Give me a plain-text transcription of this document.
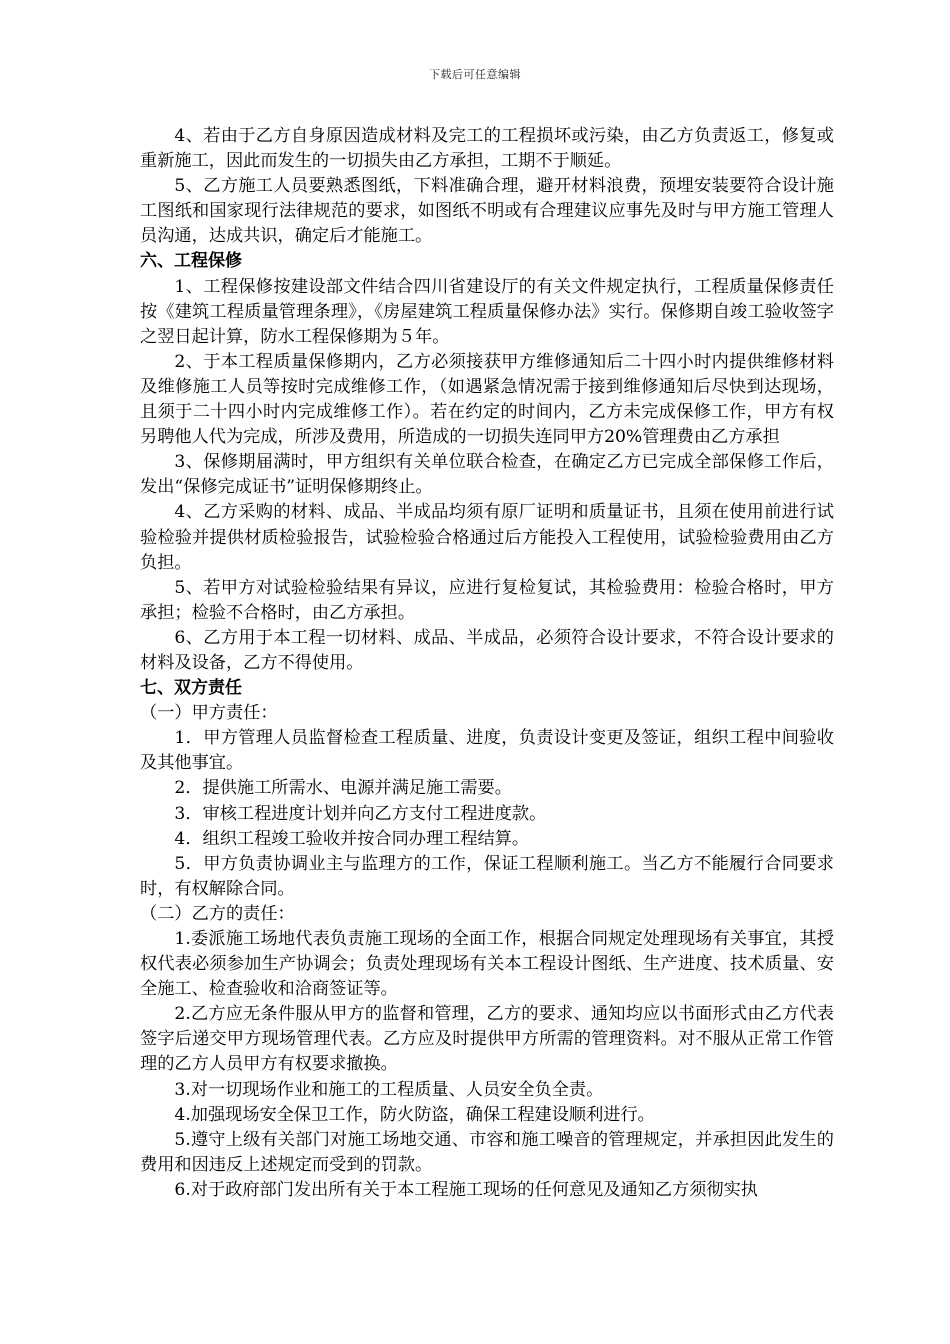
下载后可任意编辑
4、若由于乙方自身原因造成材料及完工的工程损坏或污染，由乙方负责返工，修复或重新施工，因此而发生的一切损失由乙方承担，工期不于顺延。
5、乙方施工人员要熟悉图纸，下料准确合理，避开材料浪费，预埋安装要符合设计施工图纸和国家现行法律规范的要求，如图纸不明或有合理建议应事先及时与甲方施工管理人员沟通，达成共识，确定后才能施工。
六、工程保修
1、工程保修按建设部文件结合四川省建设厅的有关文件规定执行，工程质量保修责任按《建筑工程质量管理条理》，《房屋建筑工程质量保修办法》实行。保修期自竣工验收签字之翌日起计算，防水工程保修期为５年。
2、于本工程质量保修期内，乙方必须接获甲方维修通知后二十四小时内提供维修材料及维修施工人员等按时完成维修工作，（如遇紧急情况需于接到维修通知后尽快到达现场，且须于二十四小时内完成维修工作）。若在约定的时间内，乙方未完成保修工作，甲方有权另聘他人代为完成，所涉及费用，所造成的一切损失连同甲方20%管理费由乙方承担
3、保修期届满时，甲方组织有关单位联合检查，在确定乙方已完成全部保修工作后，发出“保修完成证书”证明保修期终止。
4、乙方采购的材料、成品、半成品均须有原厂证明和质量证书，且须在使用前进行试验检验并提供材质检验报告，试验检验合格通过后方能投入工程使用，试验检验费用由乙方负担。
5、若甲方对试验检验结果有异议，应进行复检复试，其检验费用：检验合格时，甲方承担；检验不合格时，由乙方承担。
6、乙方用于本工程一切材料、成品、半成品，必须符合设计要求，不符合设计要求的材料及设备，乙方不得使用。
七、双方责任
（一）甲方责任：
1．甲方管理人员监督检查工程质量、进度，负责设计变更及签证，组织工程中间验收及其他事宜。
2．提供施工所需水、电源并满足施工需要。
3．审核工程进度计划并向乙方支付工程进度款。
4．组织工程竣工验收并按合同办理工程结算。
5．甲方负责协调业主与监理方的工作，保证工程顺利施工。当乙方不能履行合同要求时，有权解除合同。
（二）乙方的责任：
1.委派施工场地代表负责施工现场的全面工作，根据合同规定处理现场有关事宜，其授权代表必须参加生产协调会；负责处理现场有关本工程设计图纸、生产进度、技术质量、安全施工、检查验收和洽商签证等。
2.乙方应无条件服从甲方的监督和管理，乙方的要求、通知均应以书面形式由乙方代表签字后递交甲方现场管理代表。乙方应及时提供甲方所需的管理资料。对不服从正常工作管理的乙方人员甲方有权要求撤换。
3.对一切现场作业和施工的工程质量、人员安全负全责。
4.加强现场安全保卫工作，防火防盗，确保工程建设顺利进行。
5.遵守上级有关部门对施工场地交通、市容和施工噪音的管理规定，并承担因此发生的费用和因违反上述规定而受到的罚款。
6.对于政府部门发出所有关于本工程施工现场的任何意见及通知乙方须彻实执
